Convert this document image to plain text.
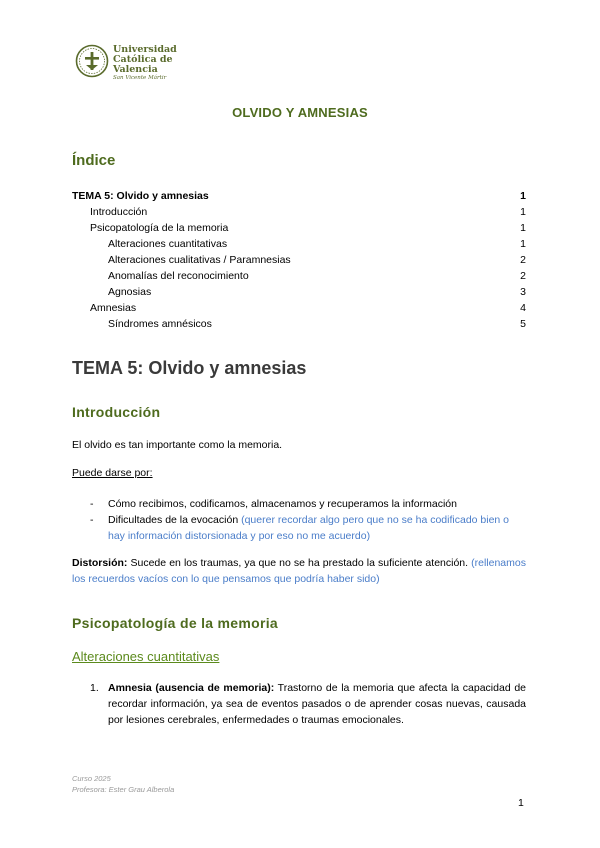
Universidad
Católica de
Valencia
San Vicente Mártir
OLVIDO Y AMNESIAS
Índice
TEMA 5: Olvido y amnesias	1
Introducción	1
Psicopatología de la memoria	1
Alteraciones cuantitativas	1
Alteraciones cualitativas / Paramnesias	2
Anomalías del reconocimiento	2
Agnosias	3
Amnesias	4
Síndromes amnésicos	5
TEMA 5: Olvido y amnesias
Introducción
El olvido es tan importante como la memoria.
Puede darse por:
- Cómo recibimos, codificamos, almacenamos y recuperamos la información
- Dificultades de la evocación (querer recordar algo pero que no se ha codificado bien o hay información distorsionada y por eso no me acuerdo)
Distorsión: Sucede en los traumas, ya que no se ha prestado la suficiente atención. (rellenamos los recuerdos vacíos con lo que pensamos que podría haber sido)
Psicopatología de la memoria
Alteraciones cuantitativas
1. Amnesia (ausencia de memoria): Trastorno de la memoria que afecta la capacidad de recordar información, ya sea de eventos pasados o de aprender cosas nuevas, causada por lesiones cerebrales, enfermedades o traumas emocionales.
Curso 2025
Profesora: Ester Grau Alberola
1
